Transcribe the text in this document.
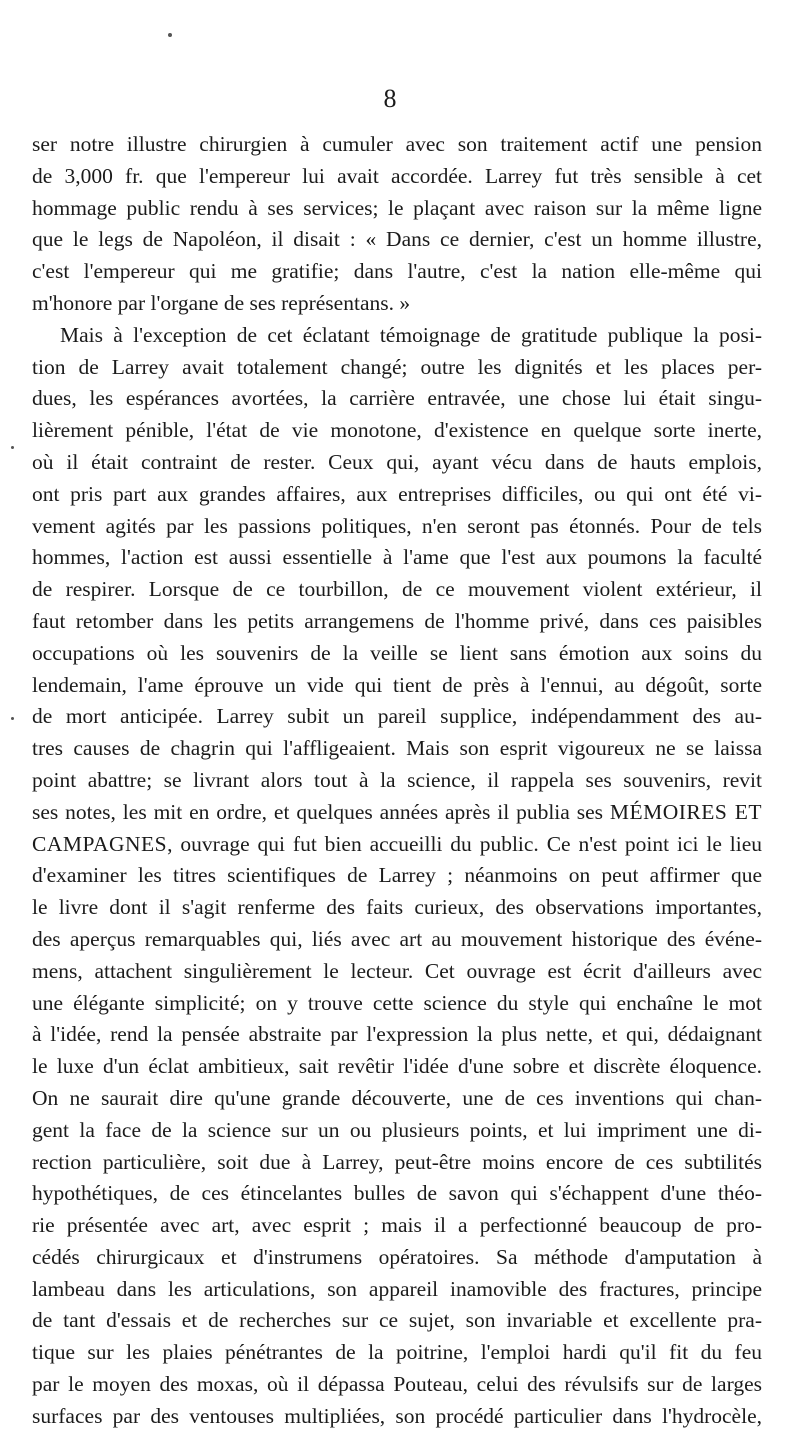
8
ser notre illustre chirurgien à cumuler avec son traitement actif une pension
de 3,000 fr. que l'empereur lui avait accordée. Larrey fut très sensible à cet
hommage public rendu à ses services; le plaçant avec raison sur la même ligne
que le legs de Napoléon, il disait : « Dans ce dernier, c'est un homme illustre,
c'est l'empereur qui me gratifie; dans l'autre, c'est la nation elle-même qui
m'honore par l'organe de ses représentans. »
Mais à l'exception de cet éclatant témoignage de gratitude publique la posi-
tion de Larrey avait totalement changé; outre les dignités et les places per-
dues, les espérances avortées, la carrière entravée, une chose lui était singu-
lièrement pénible, l'état de vie monotone, d'existence en quelque sorte inerte,
où il était contraint de rester. Ceux qui, ayant vécu dans de hauts emplois,
ont pris part aux grandes affaires, aux entreprises difficiles, ou qui ont été vi-
vement agités par les passions politiques, n'en seront pas étonnés. Pour de tels
hommes, l'action est aussi essentielle à l'ame que l'est aux poumons la faculté
de respirer. Lorsque de ce tourbillon, de ce mouvement violent extérieur, il
faut retomber dans les petits arrangemens de l'homme privé, dans ces paisibles
occupations où les souvenirs de la veille se lient sans émotion aux soins du
lendemain, l'ame éprouve un vide qui tient de près à l'ennui, au dégoût, sorte
de mort anticipée. Larrey subit un pareil supplice, indépendamment des au-
tres causes de chagrin qui l'affligeaient. Mais son esprit vigoureux ne se laissa
point abattre; se livrant alors tout à la science, il rappela ses souvenirs, revit
ses notes, les mit en ordre, et quelques années après il publia ses MÉMOIRES ET
CAMPAGNES, ouvrage qui fut bien accueilli du public. Ce n'est point ici le lieu
d'examiner les titres scientifiques de Larrey ; néanmoins on peut affirmer que
le livre dont il s'agit renferme des faits curieux, des observations importantes,
des aperçus remarquables qui, liés avec art au mouvement historique des événe-
mens, attachent singulièrement le lecteur. Cet ouvrage est écrit d'ailleurs avec
une élégante simplicité; on y trouve cette science du style qui enchaîne le mot
à l'idée, rend la pensée abstraite par l'expression la plus nette, et qui, dédaignant
le luxe d'un éclat ambitieux, sait revêtir l'idée d'une sobre et discrète éloquence.
On ne saurait dire qu'une grande découverte, une de ces inventions qui chan-
gent la face de la science sur un ou plusieurs points, et lui impriment une di-
rection particulière, soit due à Larrey, peut-être moins encore de ces subtilités
hypothétiques, de ces étincelantes bulles de savon qui s'échappent d'une théo-
rie présentée avec art, avec esprit ; mais il a perfectionné beaucoup de pro-
cédés chirurgicaux et d'instrumens opératoires. Sa méthode d'amputation à
lambeau dans les articulations, son appareil inamovible des fractures, principe
de tant d'essais et de recherches sur ce sujet, son invariable et excellente pra-
tique sur les plaies pénétrantes de la poitrine, l'emploi hardi qu'il fit du feu
par le moyen des moxas, où il dépassa Pouteau, celui des révulsifs sur de larges
surfaces par des ventouses multipliées, son procédé particulier dans l'hydrocèle,
